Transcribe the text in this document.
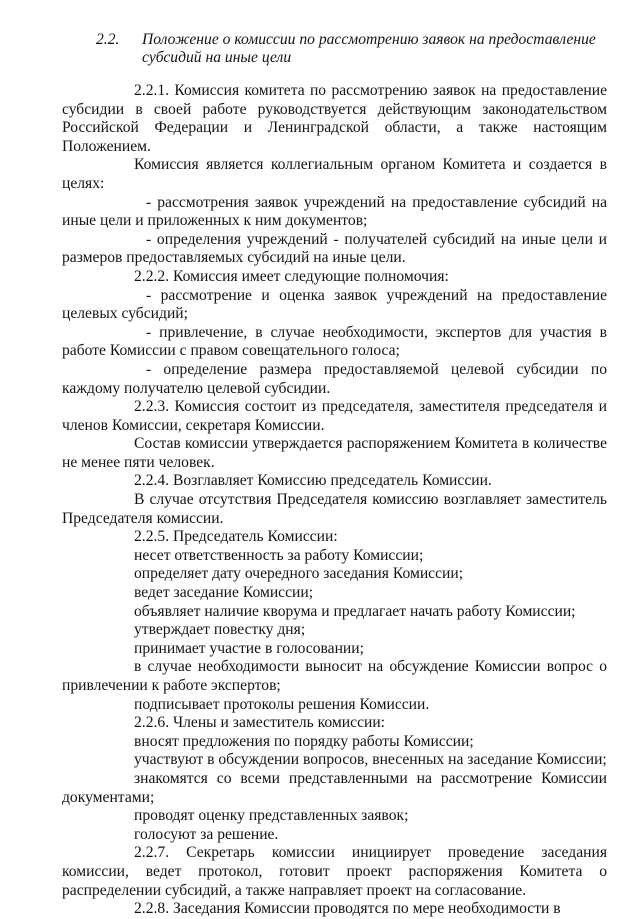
2.2. Положение о комиссии по рассмотрению заявок на предоставление субсидий на иные цели

2.2.1. Комиссия комитета по рассмотрению заявок на предоставление субсидии в своей работе руководствуется действующим законодательством Российской Федерации и Ленинградской области, а также настоящим Положением.

Комиссия является коллегиальным органом Комитета и создается в целях:

- рассмотрения заявок учреждений на предоставление субсидий на иные цели и приложенных к ним документов;

- определения учреждений - получателей субсидий на иные цели и размеров предоставляемых субсидий на иные цели.

2.2.2. Комиссия имеет следующие полномочия:

- рассмотрение и оценка заявок учреждений на предоставление целевых субсидий;

- привлечение, в случае необходимости, экспертов для участия в работе Комиссии с правом совещательного голоса;

- определение размера предоставляемой целевой субсидии по каждому получателю целевой субсидии.

2.2.3. Комиссия состоит из председателя, заместителя председателя и членов Комиссии, секретаря Комиссии.

Состав комиссии утверждается распоряжением Комитета в количестве не менее пяти человек.

2.2.4. Возглавляет Комиссию председатель Комиссии.

В случае отсутствия Председателя комиссию возглавляет заместитель Председателя комиссии.

2.2.5. Председатель Комиссии:

несет ответственность за работу Комиссии;

определяет дату очередного заседания Комиссии;

ведет заседание Комиссии;

объявляет наличие кворума и предлагает начать работу Комиссии;

утверждает повестку дня;

принимает участие в голосовании;

в случае необходимости выносит на обсуждение Комиссии вопрос о привлечении к работе экспертов;

подписывает протоколы решения Комиссии.

2.2.6. Члены и заместитель комиссии:

вносят предложения по порядку работы Комиссии;

участвуют в обсуждении вопросов, внесенных на заседание Комиссии;

знакомятся со всеми представленными на рассмотрение Комиссии документами;

проводят оценку представленных заявок;

голосуют за решение.

2.2.7. Секретарь комиссии инициирует проведение заседания комиссии, ведет протокол, готовит проект распоряжения Комитета о распределении субсидий, а также направляет проект на согласование.

2.2.8. Заседания Комиссии проводятся по мере необходимости в
